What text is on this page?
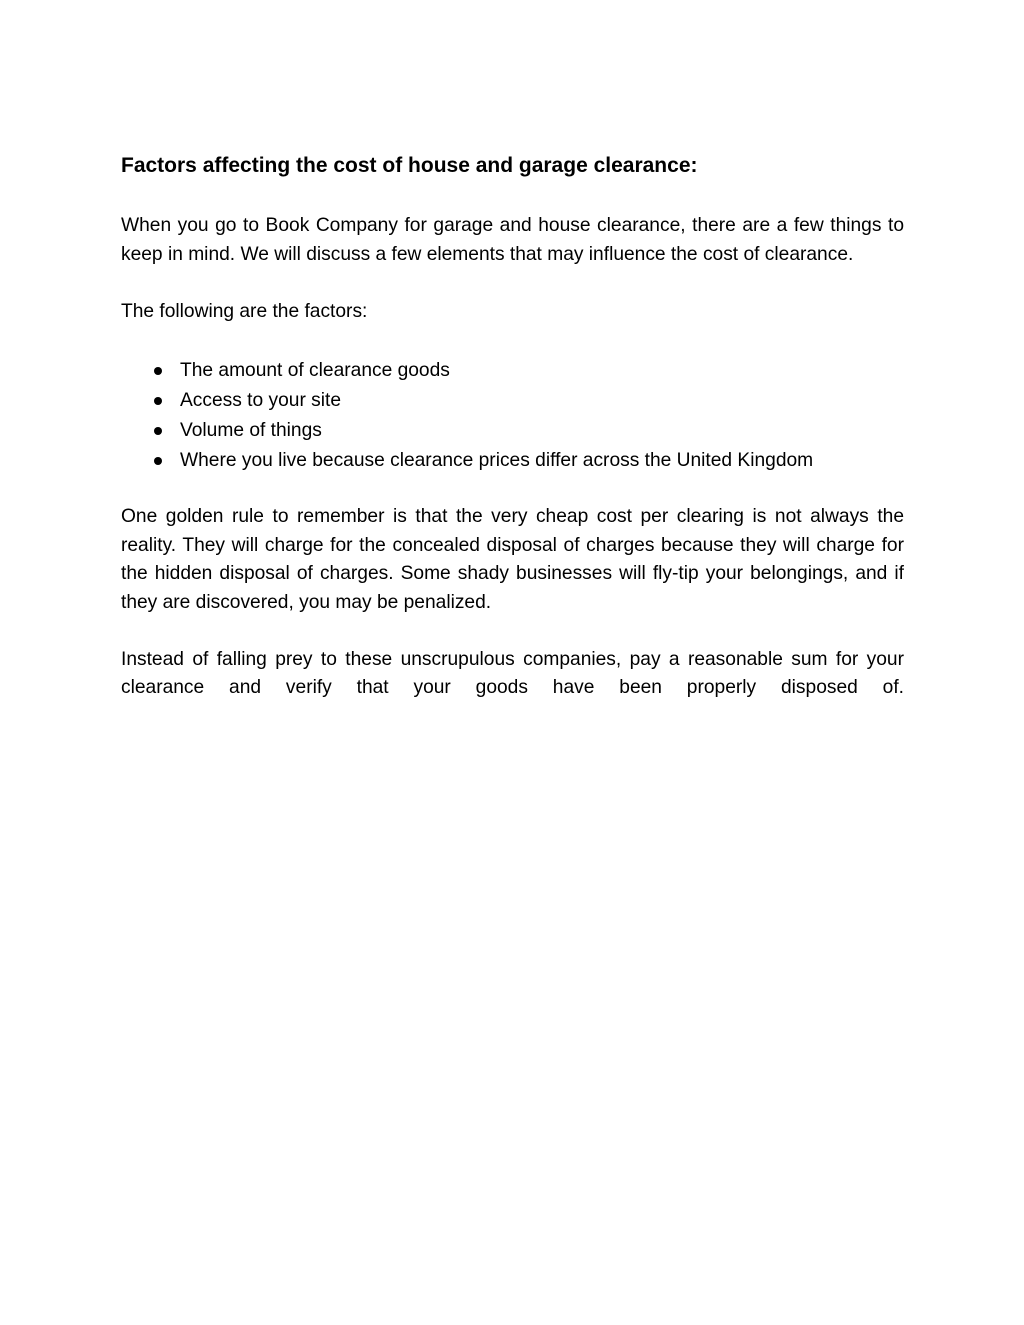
Factors affecting the cost of house and garage clearance:

When you go to Book Company for garage and house clearance, there are a few things to keep in mind. We will discuss a few elements that may influence the cost of clearance.

The following are the factors:

The amount of clearance goods
Access to your site
Volume of things
Where you live because clearance prices differ across the United Kingdom

One golden rule to remember is that the very cheap cost per clearing is not always the reality. They will charge for the concealed disposal of charges because they will charge for the hidden disposal of charges. Some shady businesses will fly-tip your belongings, and if they are discovered, you may be penalized.

Instead of falling prey to these unscrupulous companies, pay a reasonable sum for your clearance and verify that your goods have been properly disposed of.
